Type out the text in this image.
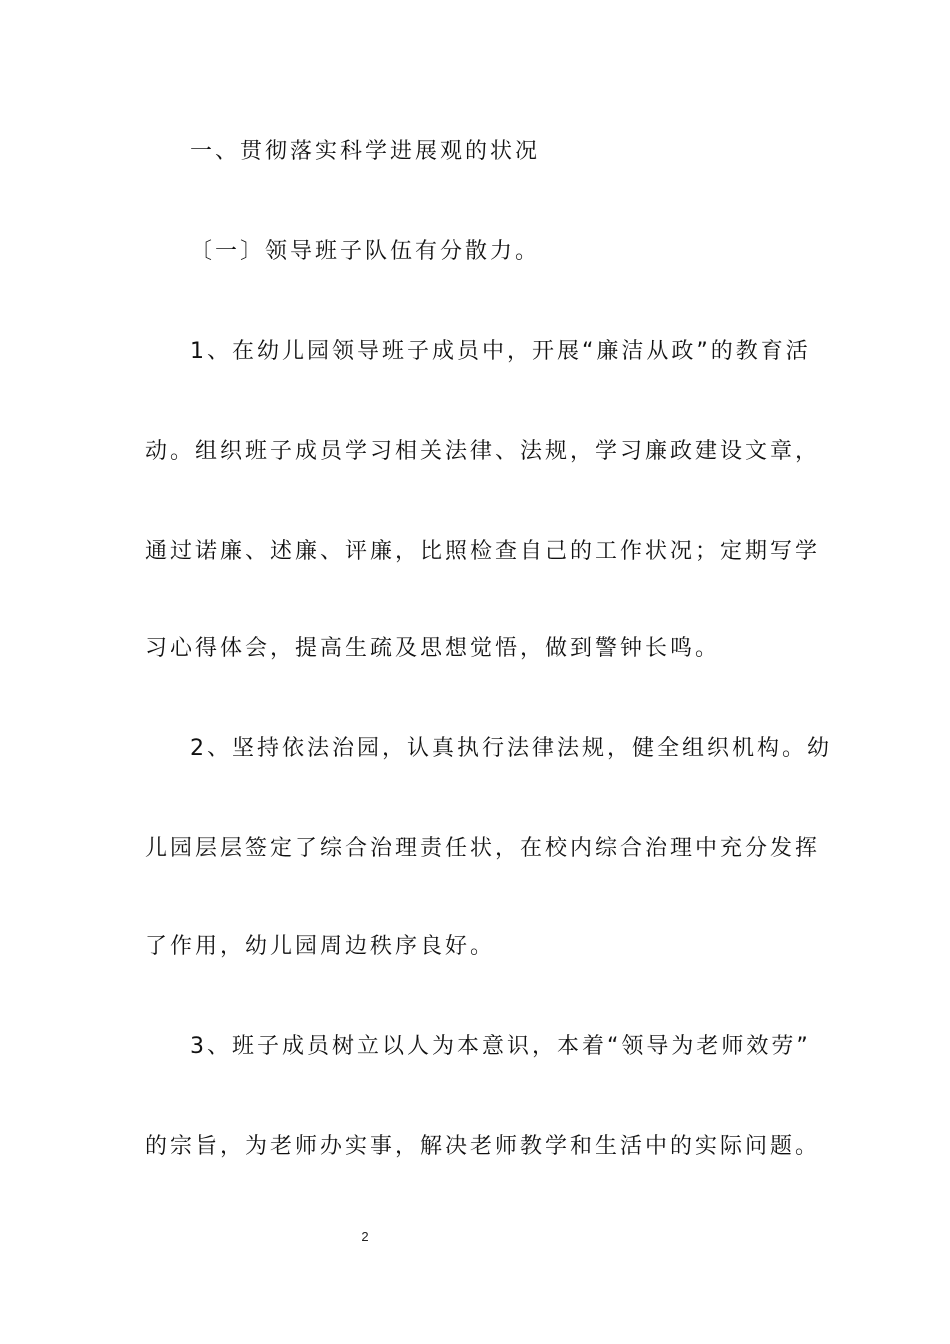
一、贯彻落实科学进展观的状况
〔一〕领导班子队伍有分散力。
1、在幼儿园领导班子成员中，开展“廉洁从政”的教育活
动。组织班子成员学习相关法律、法规，学习廉政建设文章，
通过诺廉、述廉、评廉，比照检查自己的工作状况；定期写学
习心得体会，提高生疏及思想觉悟，做到警钟长鸣。
2、坚持依法治园，认真执行法律法规，健全组织机构。幼
儿园层层签定了综合治理责任状，在校内综合治理中充分发挥
了作用，幼儿园周边秩序良好。
3、班子成员树立以人为本意识，本着“领导为老师效劳”
的宗旨，为老师办实事，解决老师教学和生活中的实际问题。
2
